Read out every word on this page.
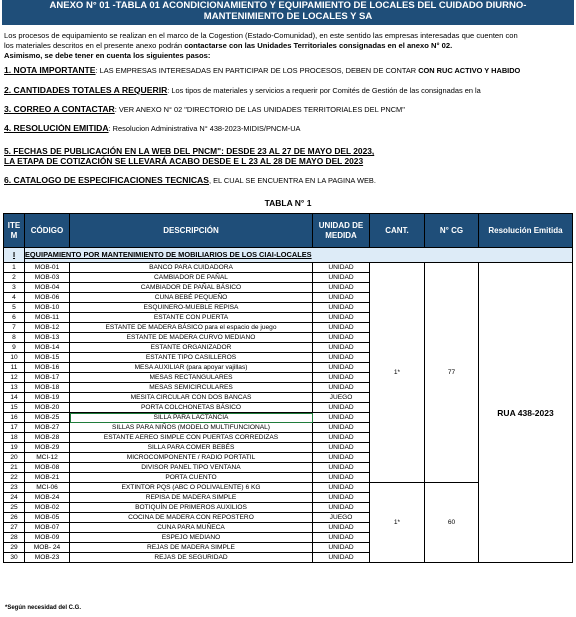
ANEXO N° 01 -TABLA 01 ACONDICIONAMIENTO Y EQUIPAMIENTO DE LOCALES DEL CUIDADO DIURNO-
MANTENIMIENTO DE LOCALES Y SA
Los procesos de equipamiento se realizan en el marco de la Cogestion (Estado-Comunidad), en este sentido las empresas interesadas que cuenten con
los materiales descritos en el presente anexo podrán contactarse con las Unidades Territoriales consignadas en el anexo N° 02.
Asimismo, se debe tener en cuenta los siguientes pasos:
1. NOTA IMPORTANTE: LAS EMPRESAS INTERESADAS EN PARTICIPAR DE LOS PROCESOS, DEBEN DE CONTAR CON RUC ACTIVO Y HABIDO
2. CANTIDADES TOTALES A REQUERIR: Los tipos de materiales y servicios a requerir por Comités de Gestión de las consignadas en la
3. CORREO A CONTACTAR: VER ANEXO N° 02 "DIRECTORIO DE LAS UNIDADES TERRITORIALES DEL PNCM"
4. RESOLUCIÓN EMITIDA: Resolucion Administrativa N° 438-2023-MIDIS/PNCM-UA
5. FECHAS DE PUBLICACIÓN EN LA WEB DEL PNCM": DESDE 23 AL 27 DE MAYO DEL 2023,
LA ETAPA DE COTIZACIÓN SE LLEVARÁ ACABO DESDE E L 23 AL 28 DE MAYO DEL 2023
6. CATALOGO DE ESPECIFICACIONES TECNICAS, EL CUAL SE ENCUENTRA EN LA PAGINA WEB.
TABLA N° 1
ITE M	CÓDIGO	DESCRIPCIÓN	UNIDAD DE MEDIDA	CANT.	N° CG	Resolución Emitida
I	EQUIPAMIENTO POR MANTENIMIENTO DE MOBILIARIOS DE LOS CIAI-LOCALES					
1	MOB-01	BANCO PARA CUIDADORA	UNIDAD	1*	77	RUA 438-2023
2	MOB-03	CAMBIADOR DE PAÑAL	UNIDAD			
3	MOB-04	CAMBIADOR DE PAÑAL BÁSICO	UNIDAD			
4	MOB-06	CUNA BEBÉ PEQUEÑO	UNIDAD			
5	MOB-10	ESQUINERO-MUEBLE REPISA	UNIDAD			
6	MOB-11	ESTANTE CON PUERTA	UNIDAD			
7	MOB-12	ESTANTE DE MADERA BÁSICO para el espacio de juego	UNIDAD			
8	MOB-13	ESTANTE DE MADERA CURVO MEDIANO	UNIDAD			
9	MOB-14	ESTANTE ORGANIZADOR	UNIDAD			
10	MOB-15	ESTANTE TIPO CASILLEROS	UNIDAD			
11	MOB-16	MESA AUXILIAR (para apoyar vajillas)	UNIDAD			
12	MOB-17	MESAS RECTANGULARES	UNIDAD			
13	MOB-18	MESAS SEMICIRCULARES	UNIDAD			
14	MOB-19	MESITA CIRCULAR CON DOS BANCAS	JUEGO			
15	MOB-20	PORTA COLCHONETAS BÁSICO	UNIDAD			
16	MOB-25	SILLA PARA LACTANCIA	UNIDAD			
17	MOB-27	SILLAS PARA NIÑOS (MODELO MULTIFUNCIONAL)	UNIDAD			
18	MOB-28	ESTANTE AEREO SIMPLE CON PUERTAS CORREDIZAS	UNIDAD			
19	MOB-29	SILLA PARA COMER BEBÉS	UNIDAD			
20	MCI-12	MICROCOMPONENTE / RADIO PORTATIL	UNIDAD			
21	MOB-08	DIVISOR PANEL TIPO VENTANA	UNIDAD			
22	MOB-21	PORTA CUENTO	UNIDAD			
23	MCI-06	EXTINTOR PQS (ABC O POLIVALENTE) 6 KG	UNIDAD	1*	60	
24	MOB-24	REPISA DE MADERA SIMPLE	UNIDAD			
25	MOB-02	BOTIQUÍN DE PRIMEROS AUXILIOS	UNIDAD			
26	MOB-05	COCINA DE MADERA CON REPOSTERO	JUEGO			
27	MOB-07	CUNA PARA MUÑECA	UNIDAD			
28	MOB-09	ESPEJO MEDIANO	UNIDAD			
29	MOB- 24	REJAS DE MADERA SIMPLE	UNIDAD			
30	MOB-23	REJAS DE SEGURIDAD	UNIDAD			
*Según necesidad del C.G.
